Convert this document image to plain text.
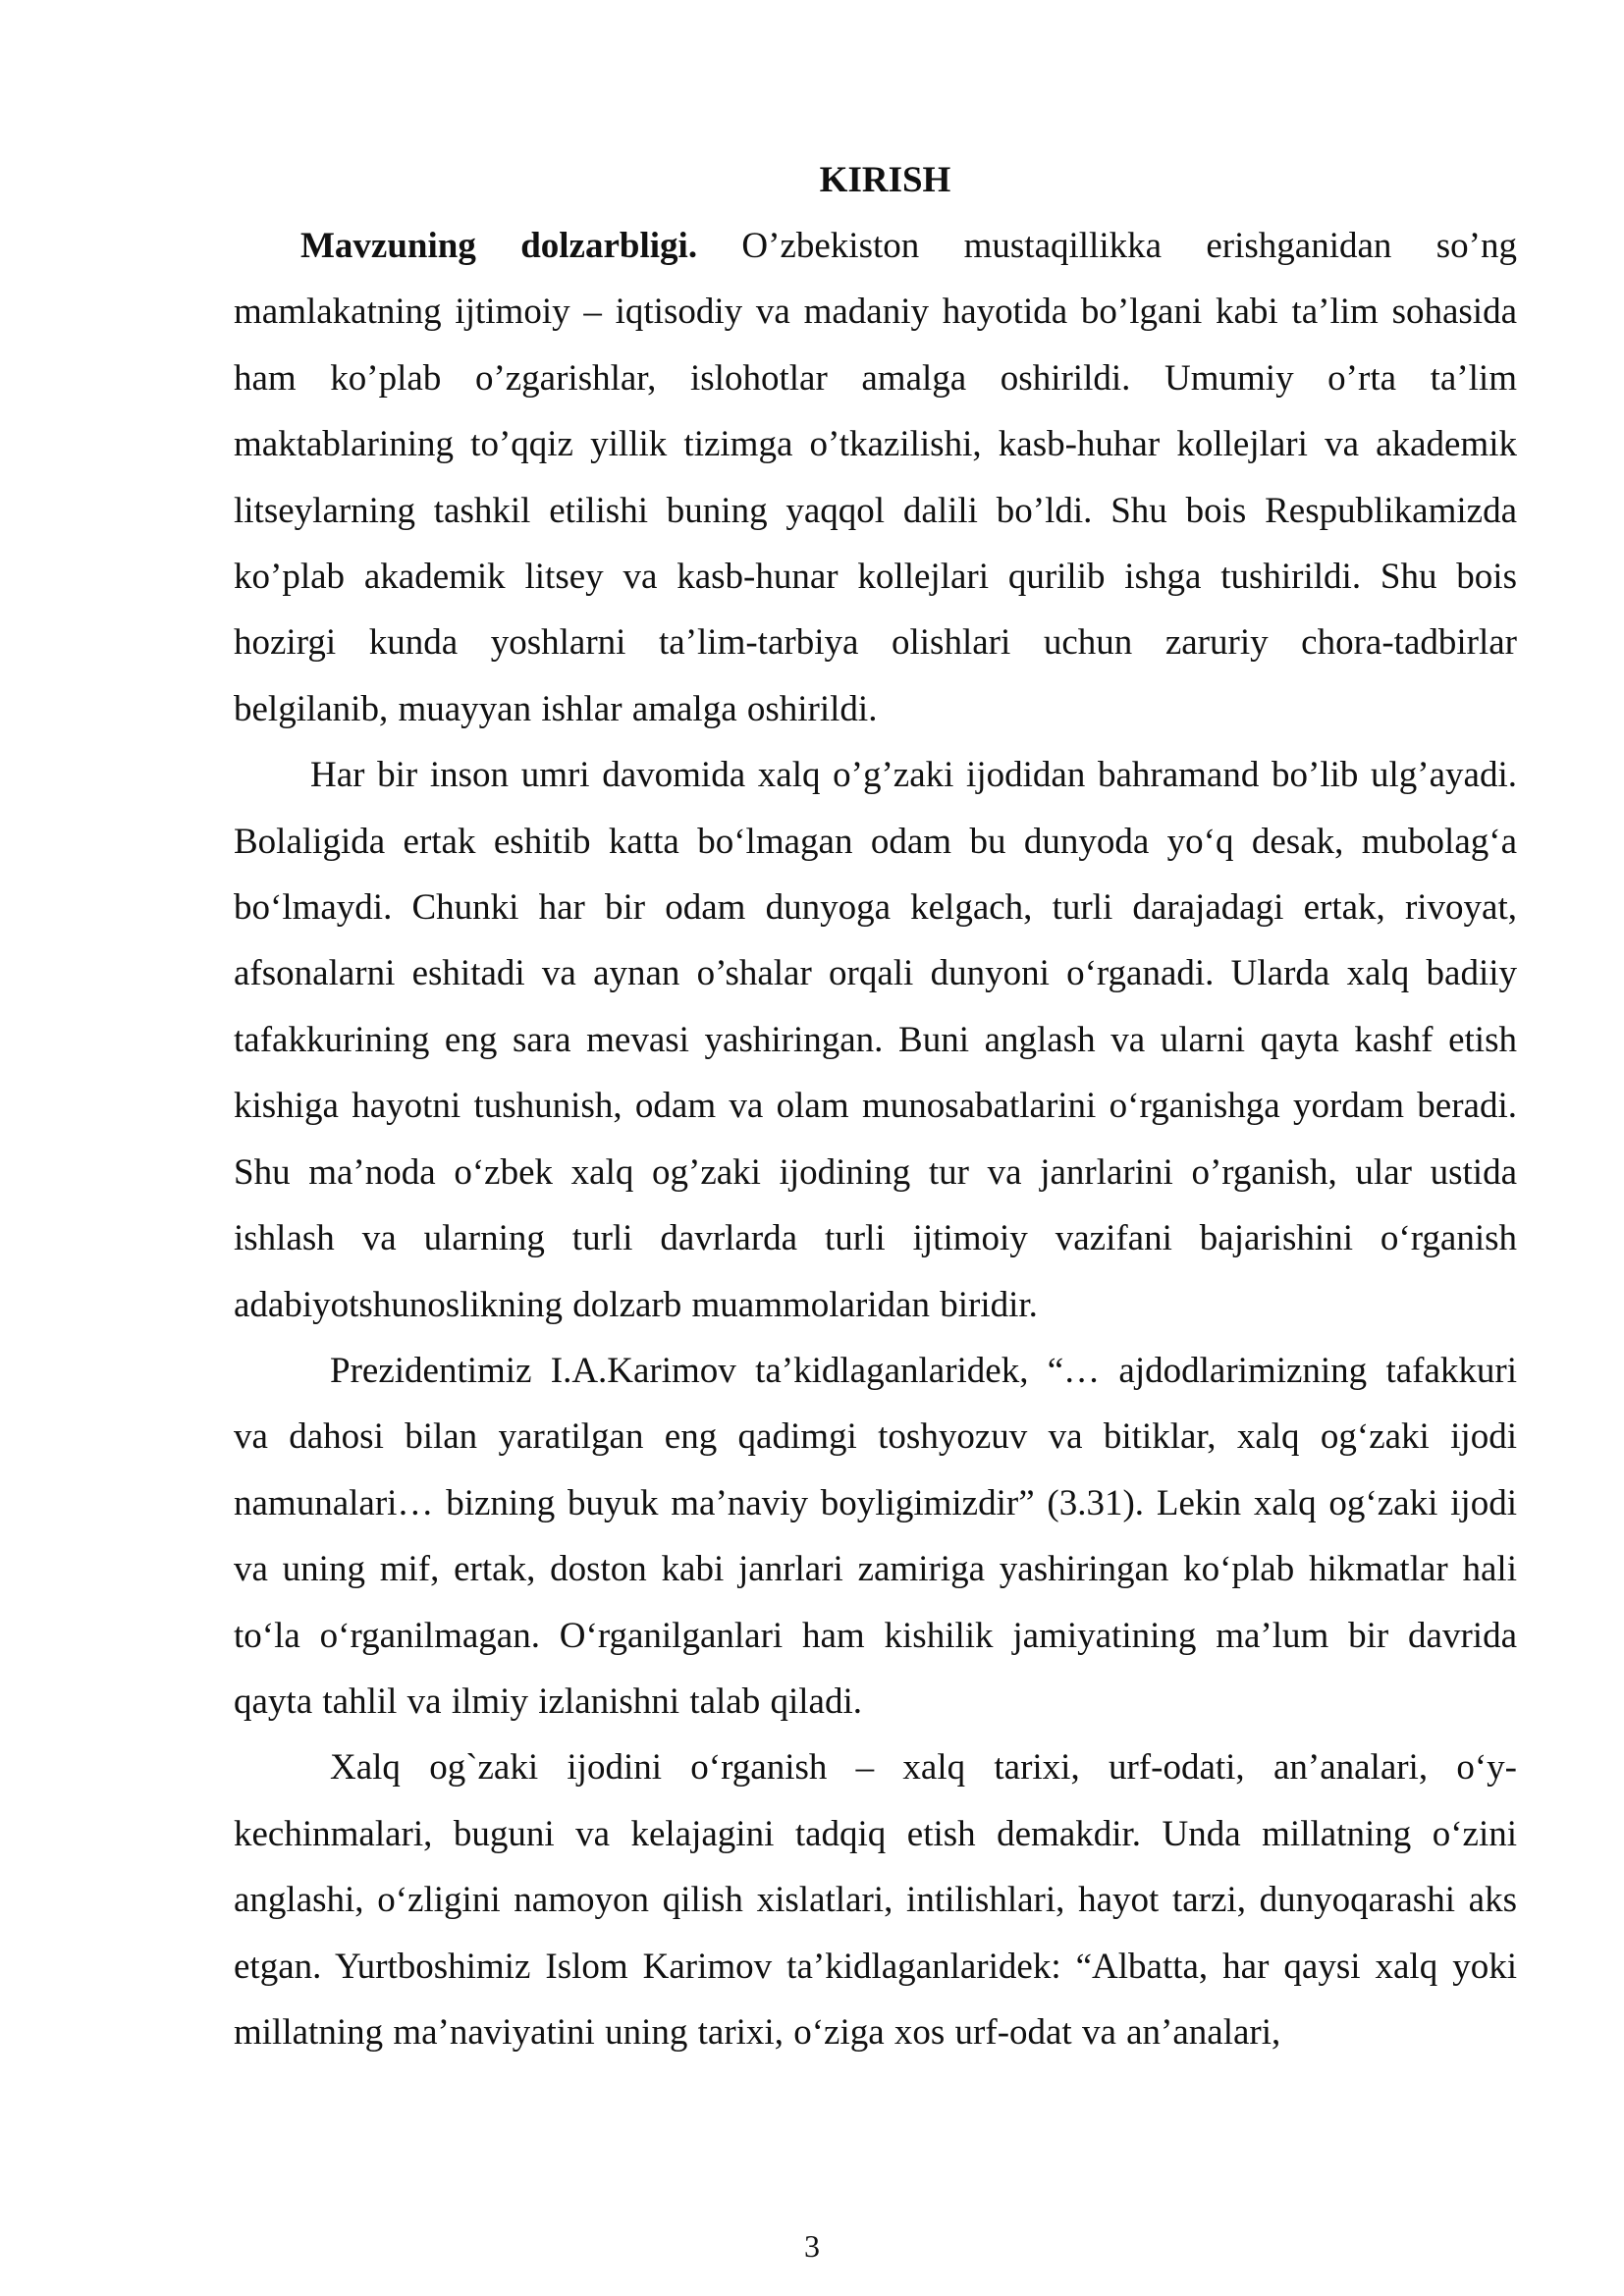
KIRISH

Mavzuning dolzarbligi. O’zbekiston mustaqillikka erishganidan so’ng mamlakatning ijtimoiy – iqtisodiy va madaniy hayotida bo’lgani kabi ta’lim sohasida ham ko’plab o’zgarishlar, islohotlar amalga oshirildi. Umumiy o’rta ta’lim maktablarining to’qqiz yillik tizimga o’tkazilishi, kasb-huhar kollejlari va akademik litseylarning tashkil etilishi buning yaqqol dalili bo’ldi. Shu bois Respublikamizda ko’plab akademik litsey va kasb-hunar kollejlari qurilib ishga tushirildi. Shu bois hozirgi kunda yoshlarni ta’lim-tarbiya olishlari uchun zaruriy chora-tadbirlar belgilanib, muayyan ishlar amalga oshirildi.

Har bir inson umri davomida xalq o’g’zaki ijodidan bahramand bo’lib ulg’ayadi. Bolaligida ertak eshitib katta bo‘lmagan odam bu dunyoda yo‘q desak, mubolag‘a bo‘lmaydi. Chunki har bir odam dunyoga kelgach, turli darajadagi ertak, rivoyat, afsonalarni eshitadi va aynan o’shalar orqali dunyoni o‘rganadi. Ularda xalq badiiy tafakkurining eng sara mevasi yashiringan. Buni anglash va ularni qayta kashf etish kishiga hayotni tushunish, odam va olam munosabatlarini o‘rganishga yordam beradi. Shu ma’noda o‘zbek xalq og’zaki ijodining tur va janrlarini o’rganish, ular ustida ishlash va ularning turli davrlarda turli ijtimoiy vazifani bajarishini o‘rganish adabiyotshunoslikning dolzarb muammolaridan biridir.

Prezidentimiz I.A.Karimov ta’kidlaganlaridek, “… ajdodlarimizning tafakkuri va dahosi bilan yaratilgan eng qadimgi toshyozuv va bitiklar, xalq og‘zaki ijodi namunalari… bizning buyuk ma’naviy boyligimizdir” (3.31). Lekin xalq og‘zaki ijodi va uning mif, ertak, doston kabi janrlari zamiriga yashiringan ko‘plab hikmatlar hali to‘la o‘rganilmagan. O‘rganilganlari ham kishilik jamiyatining ma’lum bir davrida qayta tahlil va ilmiy izlanishni talab qiladi.

Xalq og`zaki ijodini o‘rganish – xalq tarixi, urf-odati, an’analari, o‘y-kechinmalari, buguni va kelajagini tadqiq etish demakdir. Unda millatning o‘zini anglashi, o‘zligini namoyon qilish xislatlari, intilishlari, hayot tarzi, dunyoqarashi aks etgan. Yurtboshimiz Islom Karimov ta’kidlaganlaridek: “Albatta, har qaysi xalq yoki millatning ma’naviyatini uning tarixi, o‘ziga xos urf-odat va an’analari,

3
